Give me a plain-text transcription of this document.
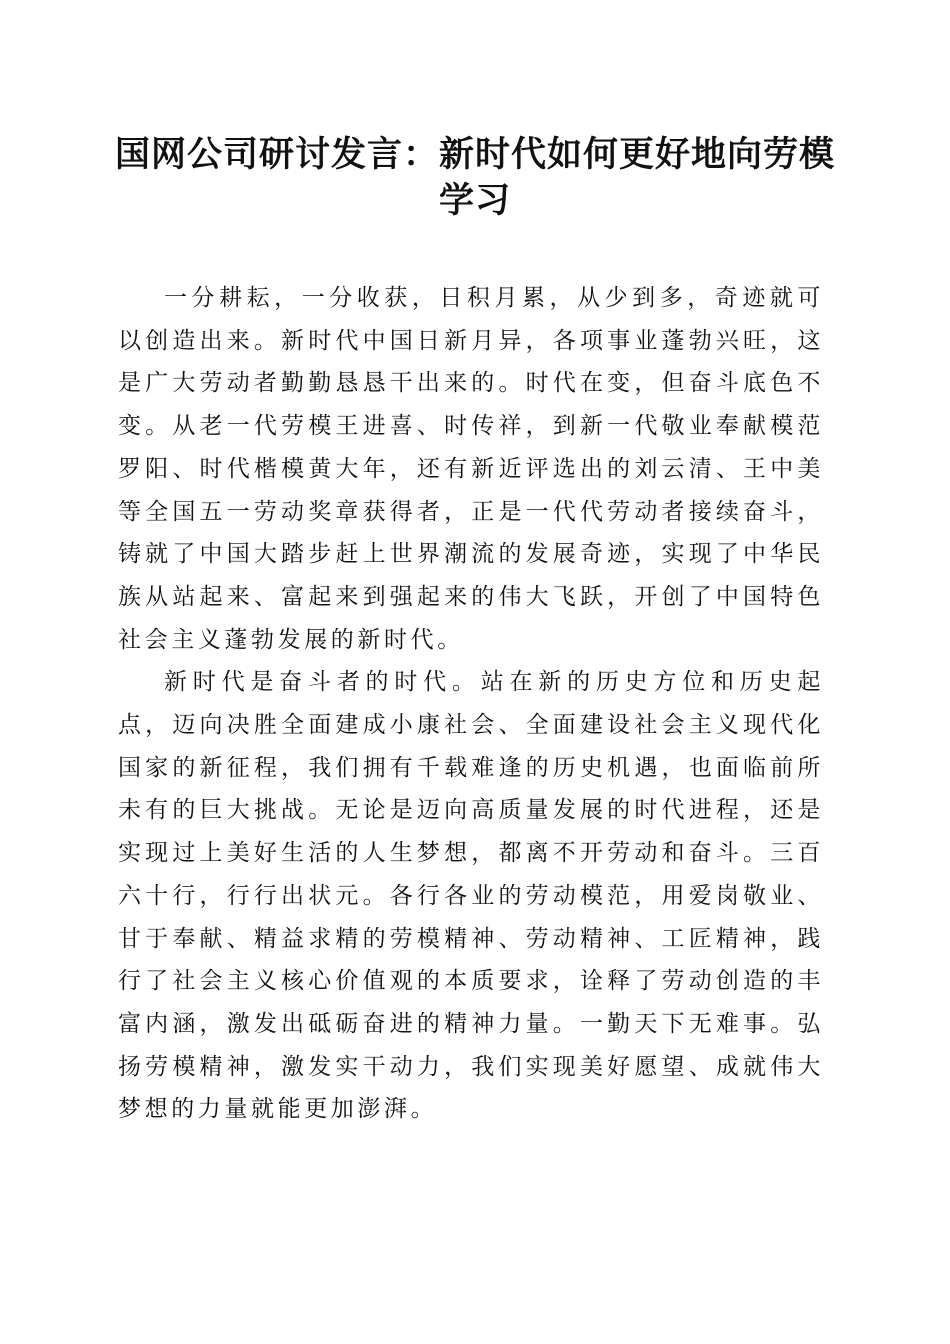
国网公司研讨发言：新时代如何更好地向劳模学习

一分耕耘，一分收获，日积月累，从少到多，奇迹就可以创造出来。新时代中国日新月异，各项事业蓬勃兴旺，这是广大劳动者勤勤恳恳干出来的。时代在变，但奋斗底色不变。从老一代劳模王进喜、时传祥，到新一代敬业奉献模范罗阳、时代楷模黄大年，还有新近评选出的刘云清、王中美等全国五一劳动奖章获得者，正是一代代劳动者接续奋斗，铸就了中国大踏步赶上世界潮流的发展奇迹，实现了中华民族从站起来、富起来到强起来的伟大飞跃，开创了中国特色社会主义蓬勃发展的新时代。

新时代是奋斗者的时代。站在新的历史方位和历史起点，迈向决胜全面建成小康社会、全面建设社会主义现代化国家的新征程，我们拥有千载难逢的历史机遇，也面临前所未有的巨大挑战。无论是迈向高质量发展的时代进程，还是实现过上美好生活的人生梦想，都离不开劳动和奋斗。三百六十行，行行出状元。各行各业的劳动模范，用爱岗敬业、甘于奉献、精益求精的劳模精神、劳动精神、工匠精神，践行了社会主义核心价值观的本质要求，诠释了劳动创造的丰富内涵，激发出砥砺奋进的精神力量。一勤天下无难事。弘扬劳模精神，激发实干动力，我们实现美好愿望、成就伟大梦想的力量就能更加澎湃。
